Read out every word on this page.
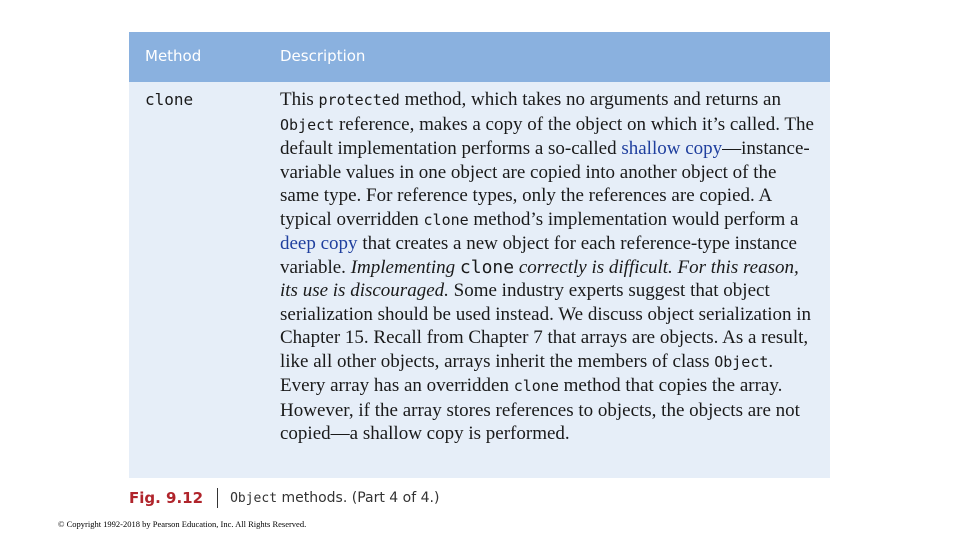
Method	Description
clone	This protected method, which takes no arguments and returns an Object reference, makes a copy of the object on which it’s called. The default implementation performs a so-called shallow copy—instance-variable values in one object are copied into another object of the same type. For reference types, only the references are copied. A typical overridden clone method’s implementation would perform a deep copy that creates a new object for each reference-type instance variable. Implementing clone correctly is difficult. For this reason, its use is discouraged. Some industry experts suggest that object serialization should be used instead. We discuss object serialization in Chapter 15. Recall from Chapter 7 that arrays are objects. As a result, like all other objects, arrays inherit the members of class Object. Every array has an overridden clone method that copies the array. However, if the array stores references to objects, the objects are not copied—a shallow copy is performed.
Fig. 9.12 Object methods. (Part 4 of 4.)
© Copyright 1992-2018 by Pearson Education, Inc. All Rights Reserved.
